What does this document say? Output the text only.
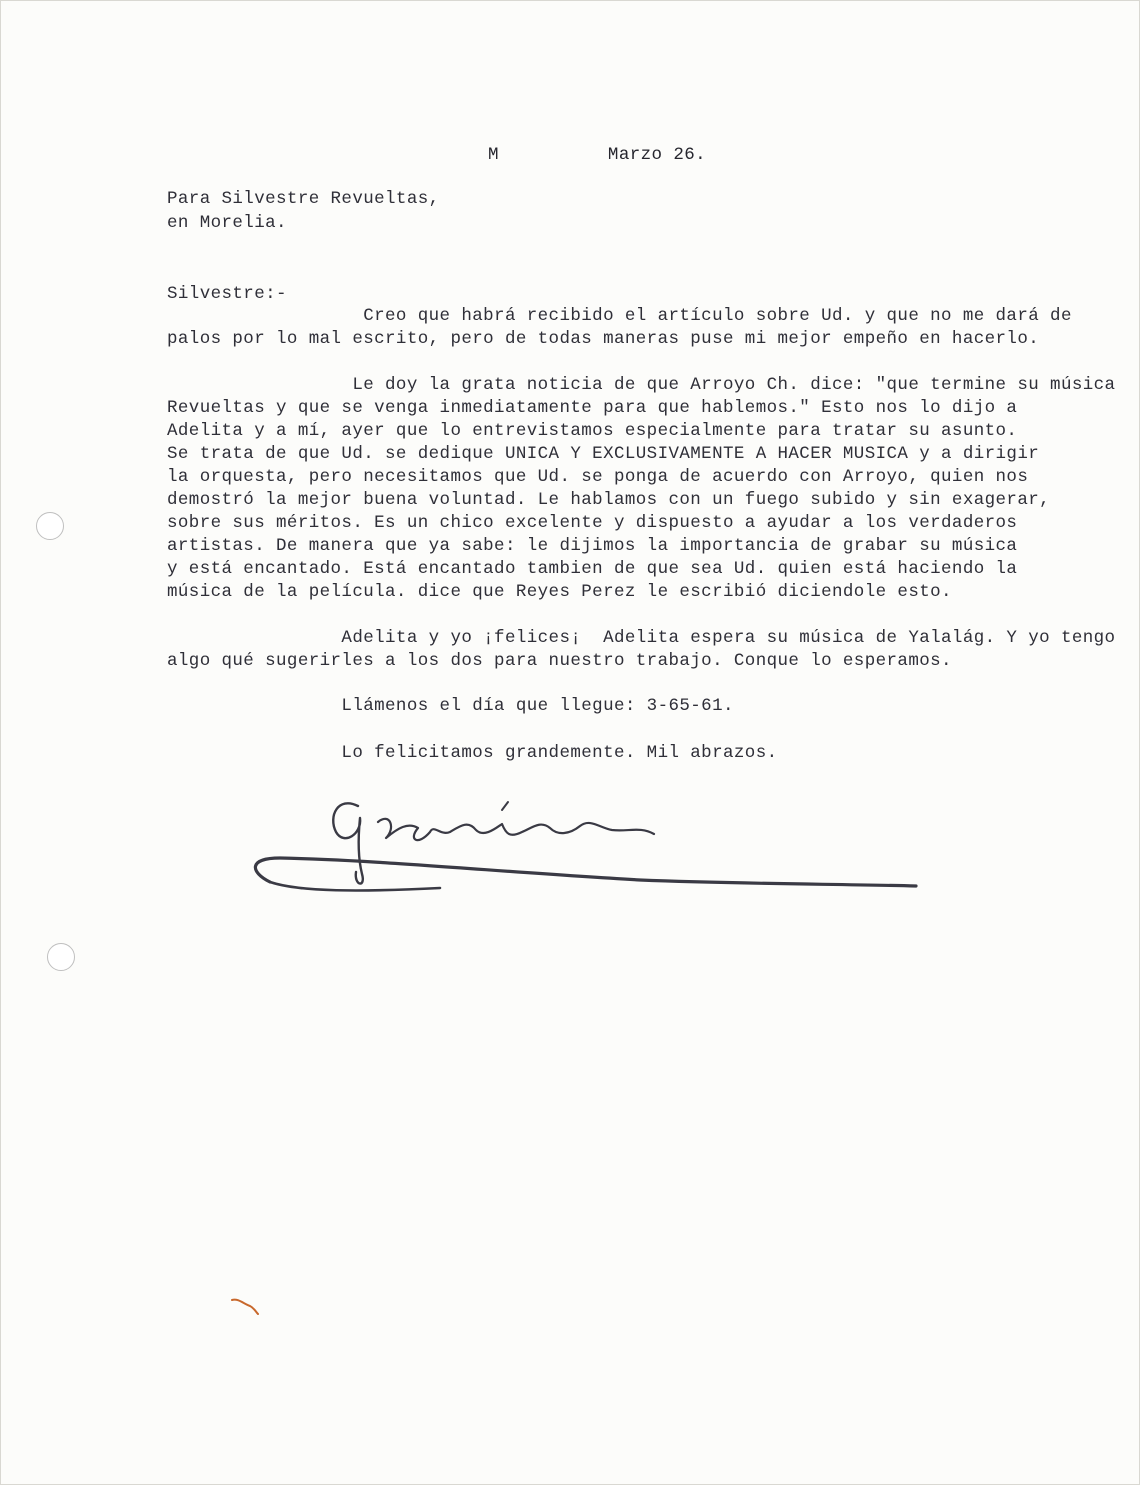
M          Marzo 26.
Para Silvestre Revueltas,
en Morelia.
Silvestre:-
Creo que habrá recibido el artículo sobre Ud. y que no me dará de
palos por lo mal escrito, pero de todas maneras puse mi mejor empeño en hacerlo.
Le doy la grata noticia de que Arroyo Ch. dice: "que termine su música
Revueltas y que se venga inmediatamente para que hablemos." Esto nos lo dijo a
Adelita y a mí, ayer que lo entrevistamos especialmente para tratar su asunto.
Se trata de que Ud. se dedique UNICA Y EXCLUSIVAMENTE A HACER MUSICA y a dirigir
la orquesta, pero necesitamos que Ud. se ponga de acuerdo con Arroyo, quien nos
demostró la mejor buena voluntad. Le hablamos con un fuego subido y sin exagerar,
sobre sus méritos. Es un chico excelente y dispuesto a ayudar a los verdaderos
artistas. De manera que ya sabe: le dijimos la importancia de grabar su música
y está encantado. Está encantado tambien de que sea Ud. quien está haciendo la
música de la película. dice que Reyes Perez le escribió diciendole esto.
Adelita y yo ¡felices¡  Adelita espera su música de Yalalág. Y yo tengo
algo qué sugerirles a los dos para nuestro trabajo. Conque lo esperamos.
Llámenos el día que llegue: 3-65-61.
Lo felicitamos grandemente. Mil abrazos.
